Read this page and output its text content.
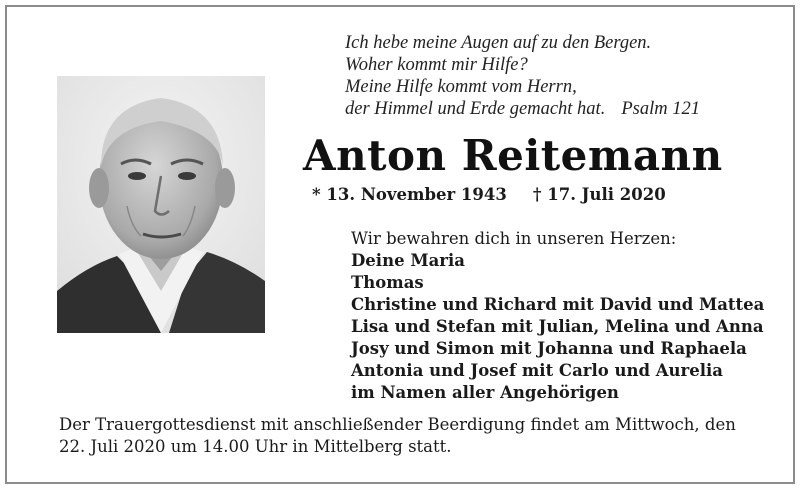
Ich hebe meine Augen auf zu den Bergen.
Woher kommt mir Hilfe?
Meine Hilfe kommt vom Herrn,
der Himmel und Erde gemacht hat. Psalm 121
Anton Reitemann
* 13. November 1943 † 17. Juli 2020
Wir bewahren dich in unseren Herzen:
Deine Maria
Thomas
Christine und Richard mit David und Mattea
Lisa und Stefan mit Julian, Melina und Anna
Josy und Simon mit Johanna und Raphaela
Antonia und Josef mit Carlo und Aurelia
im Namen aller Angehörigen
Der Trauergottesdienst mit anschließender Beerdigung findet am Mittwoch, den
22. Juli 2020 um 14.00 Uhr in Mittelberg statt.
